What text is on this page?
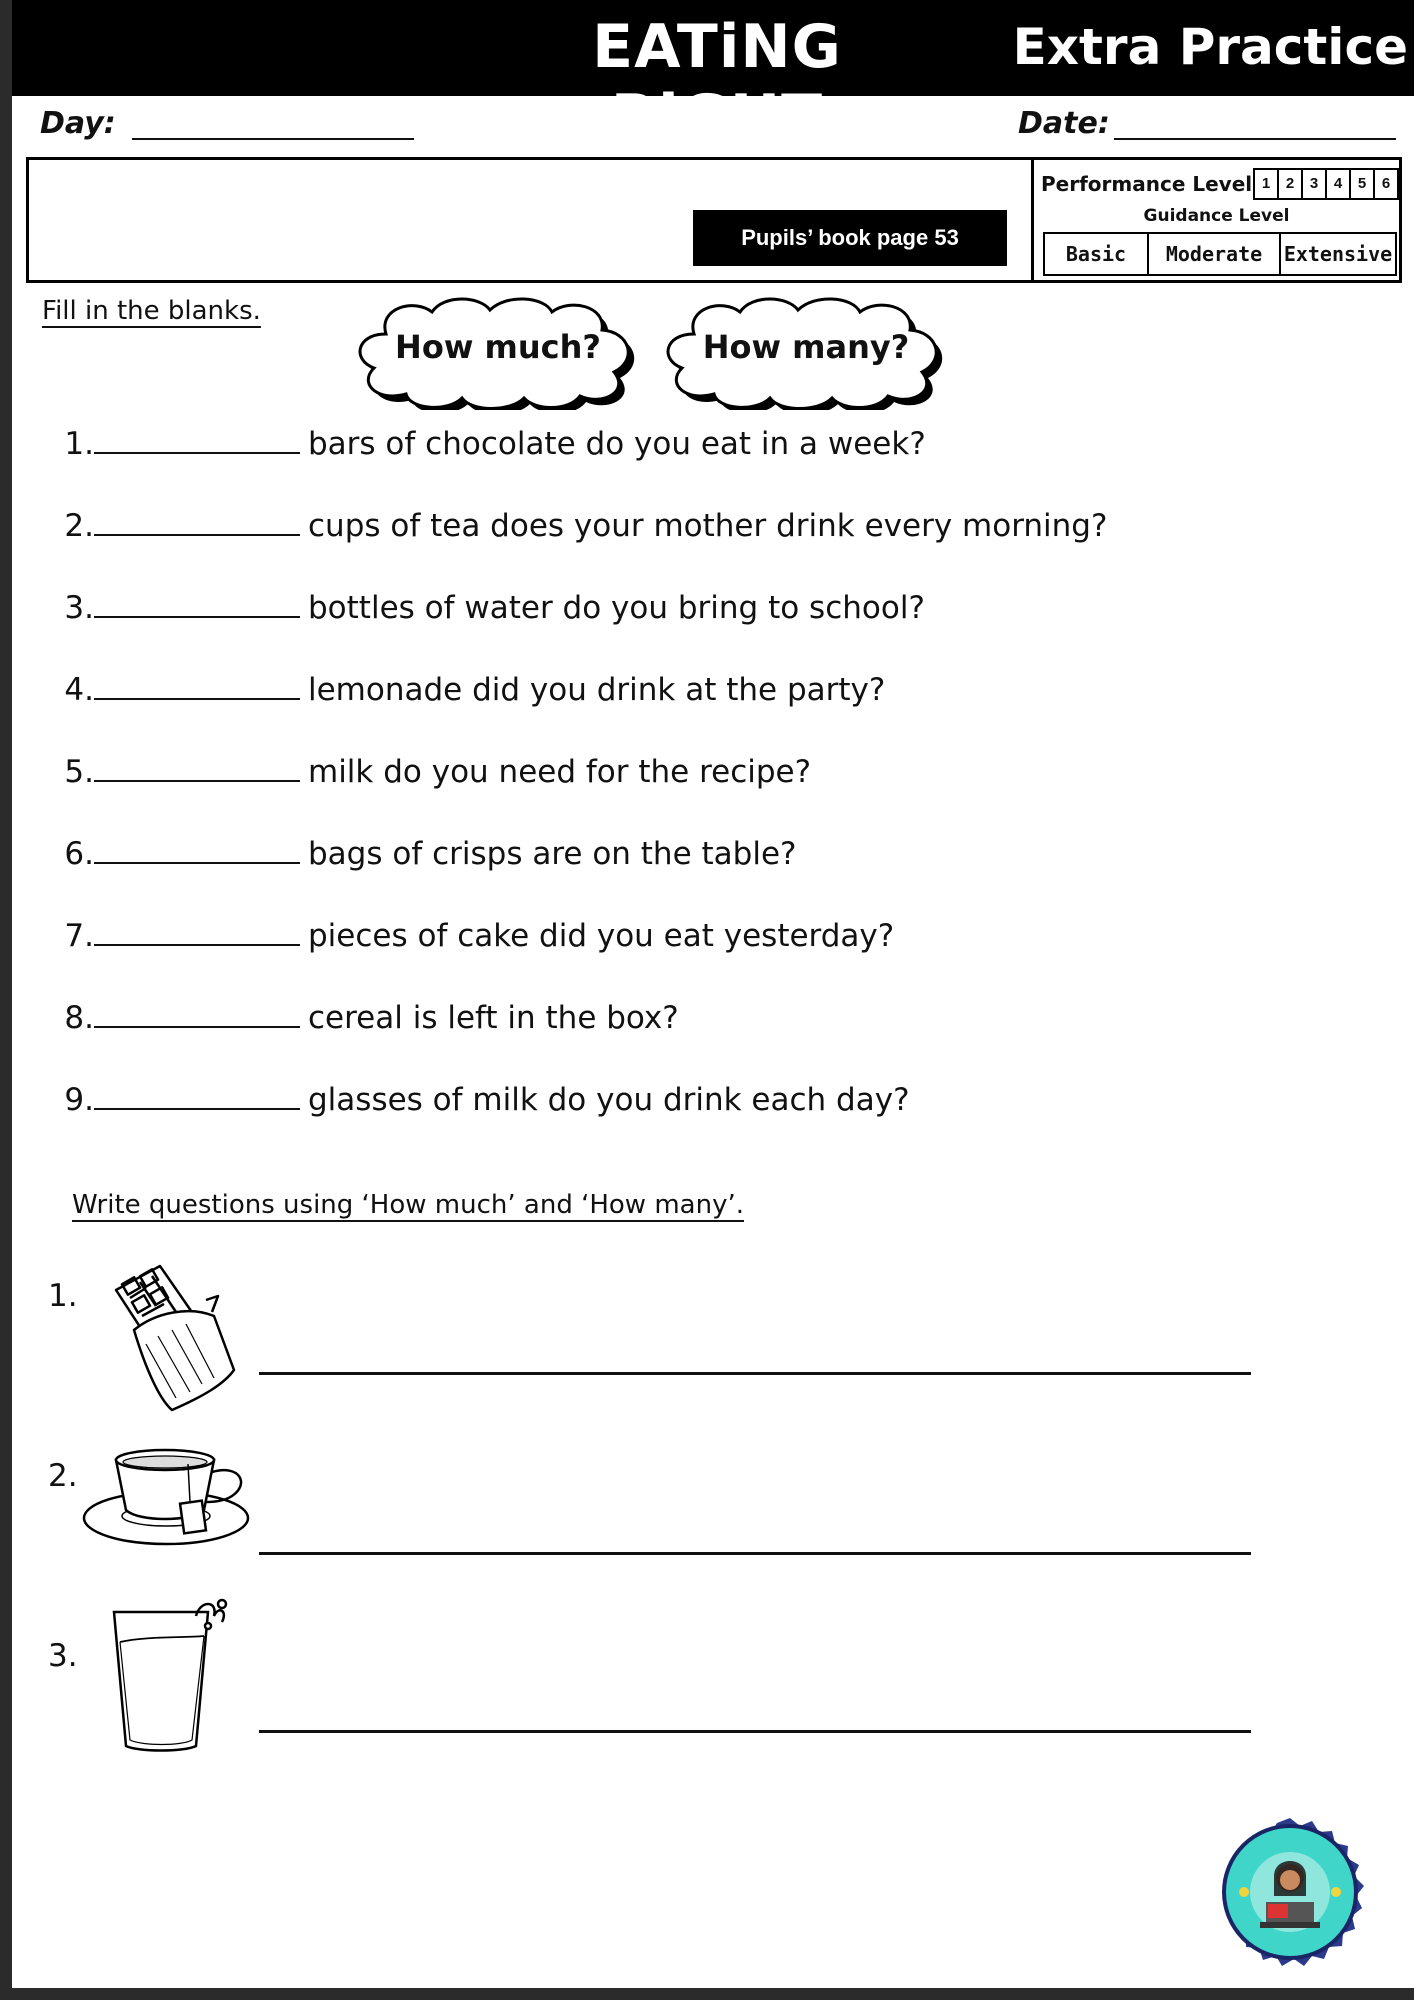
EATiNG RiGHT
Extra Practice
Day:	Date:
Pupils’ book page 53
Performance Level 1	2	3	4	5	6
Guidance Level
Basic	Moderate	Extensive
Fill in the blanks.
How much?	How many?
1.	bars of chocolate do you eat in a week?
2.	cups of tea does your mother drink every morning?
3.	bottles of water do you bring to school?
4.	lemonade did you drink at the party?
5.	milk do you need for the recipe?
6.	bags of crisps are on the table?
7.	pieces of cake did you eat yesterday?
8.	cereal is left in the box?
9.	glasses of milk do you drink each day?
Write questions using ‘How much’ and ‘How many’.
1.
2.
3.
